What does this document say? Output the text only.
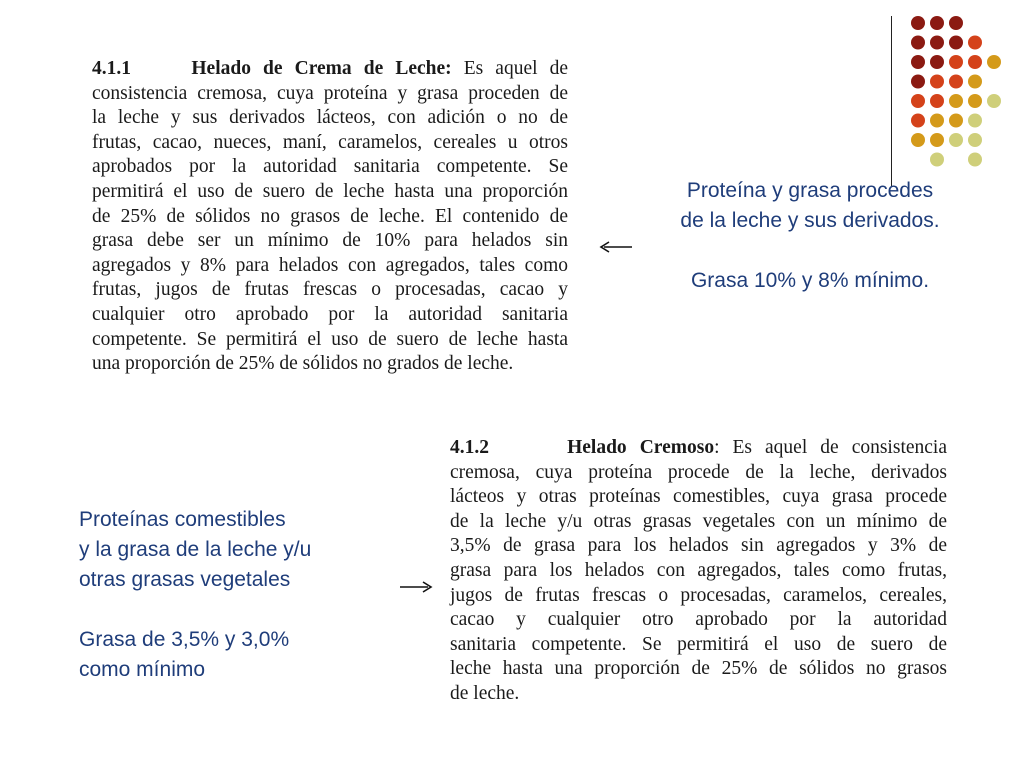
4.1.1	Helado de Crema de Leche: Es aquel de
consistencia cremosa, cuya proteína y grasa proceden de
la leche y sus derivados lácteos, con adición o no de
frutas, cacao, nueces, maní, caramelos, cereales u otros
aprobados por la autoridad sanitaria competente. Se
permitirá el uso de suero de leche hasta una proporción
de 25% de sólidos no grasos de leche. El contenido de
grasa debe ser un mínimo de 10% para helados sin
agregados y 8% para helados con agregados, tales como
frutas, jugos de frutas frescas o procesadas, cacao y
cualquier otro aprobado por la autoridad sanitaria
competente. Se permitirá el uso de suero de leche hasta
una proporción de 25% de sólidos no grados de leche.
Proteína y grasa procedes
de la leche y sus derivados.
Grasa 10% y 8% mínimo.
4.1.2	Helado Cremoso: Es aquel de consistencia
cremosa, cuya proteína procede de la leche, derivados
lácteos y otras proteínas comestibles, cuya grasa procede
de la leche y/u otras grasas vegetales con un mínimo de
3,5% de grasa para los helados sin agregados y 3% de
grasa para los helados con agregados, tales como frutas,
jugos de frutas frescas o procesadas, caramelos, cereales,
cacao y cualquier otro aprobado por la autoridad
sanitaria competente. Se permitirá el uso de suero de
leche hasta una proporción de 25% de sólidos no grasos
de leche.
Proteínas comestibles
y la grasa de la leche y/u
otras grasas vegetales
Grasa de 3,5% y 3,0%
como mínimo
